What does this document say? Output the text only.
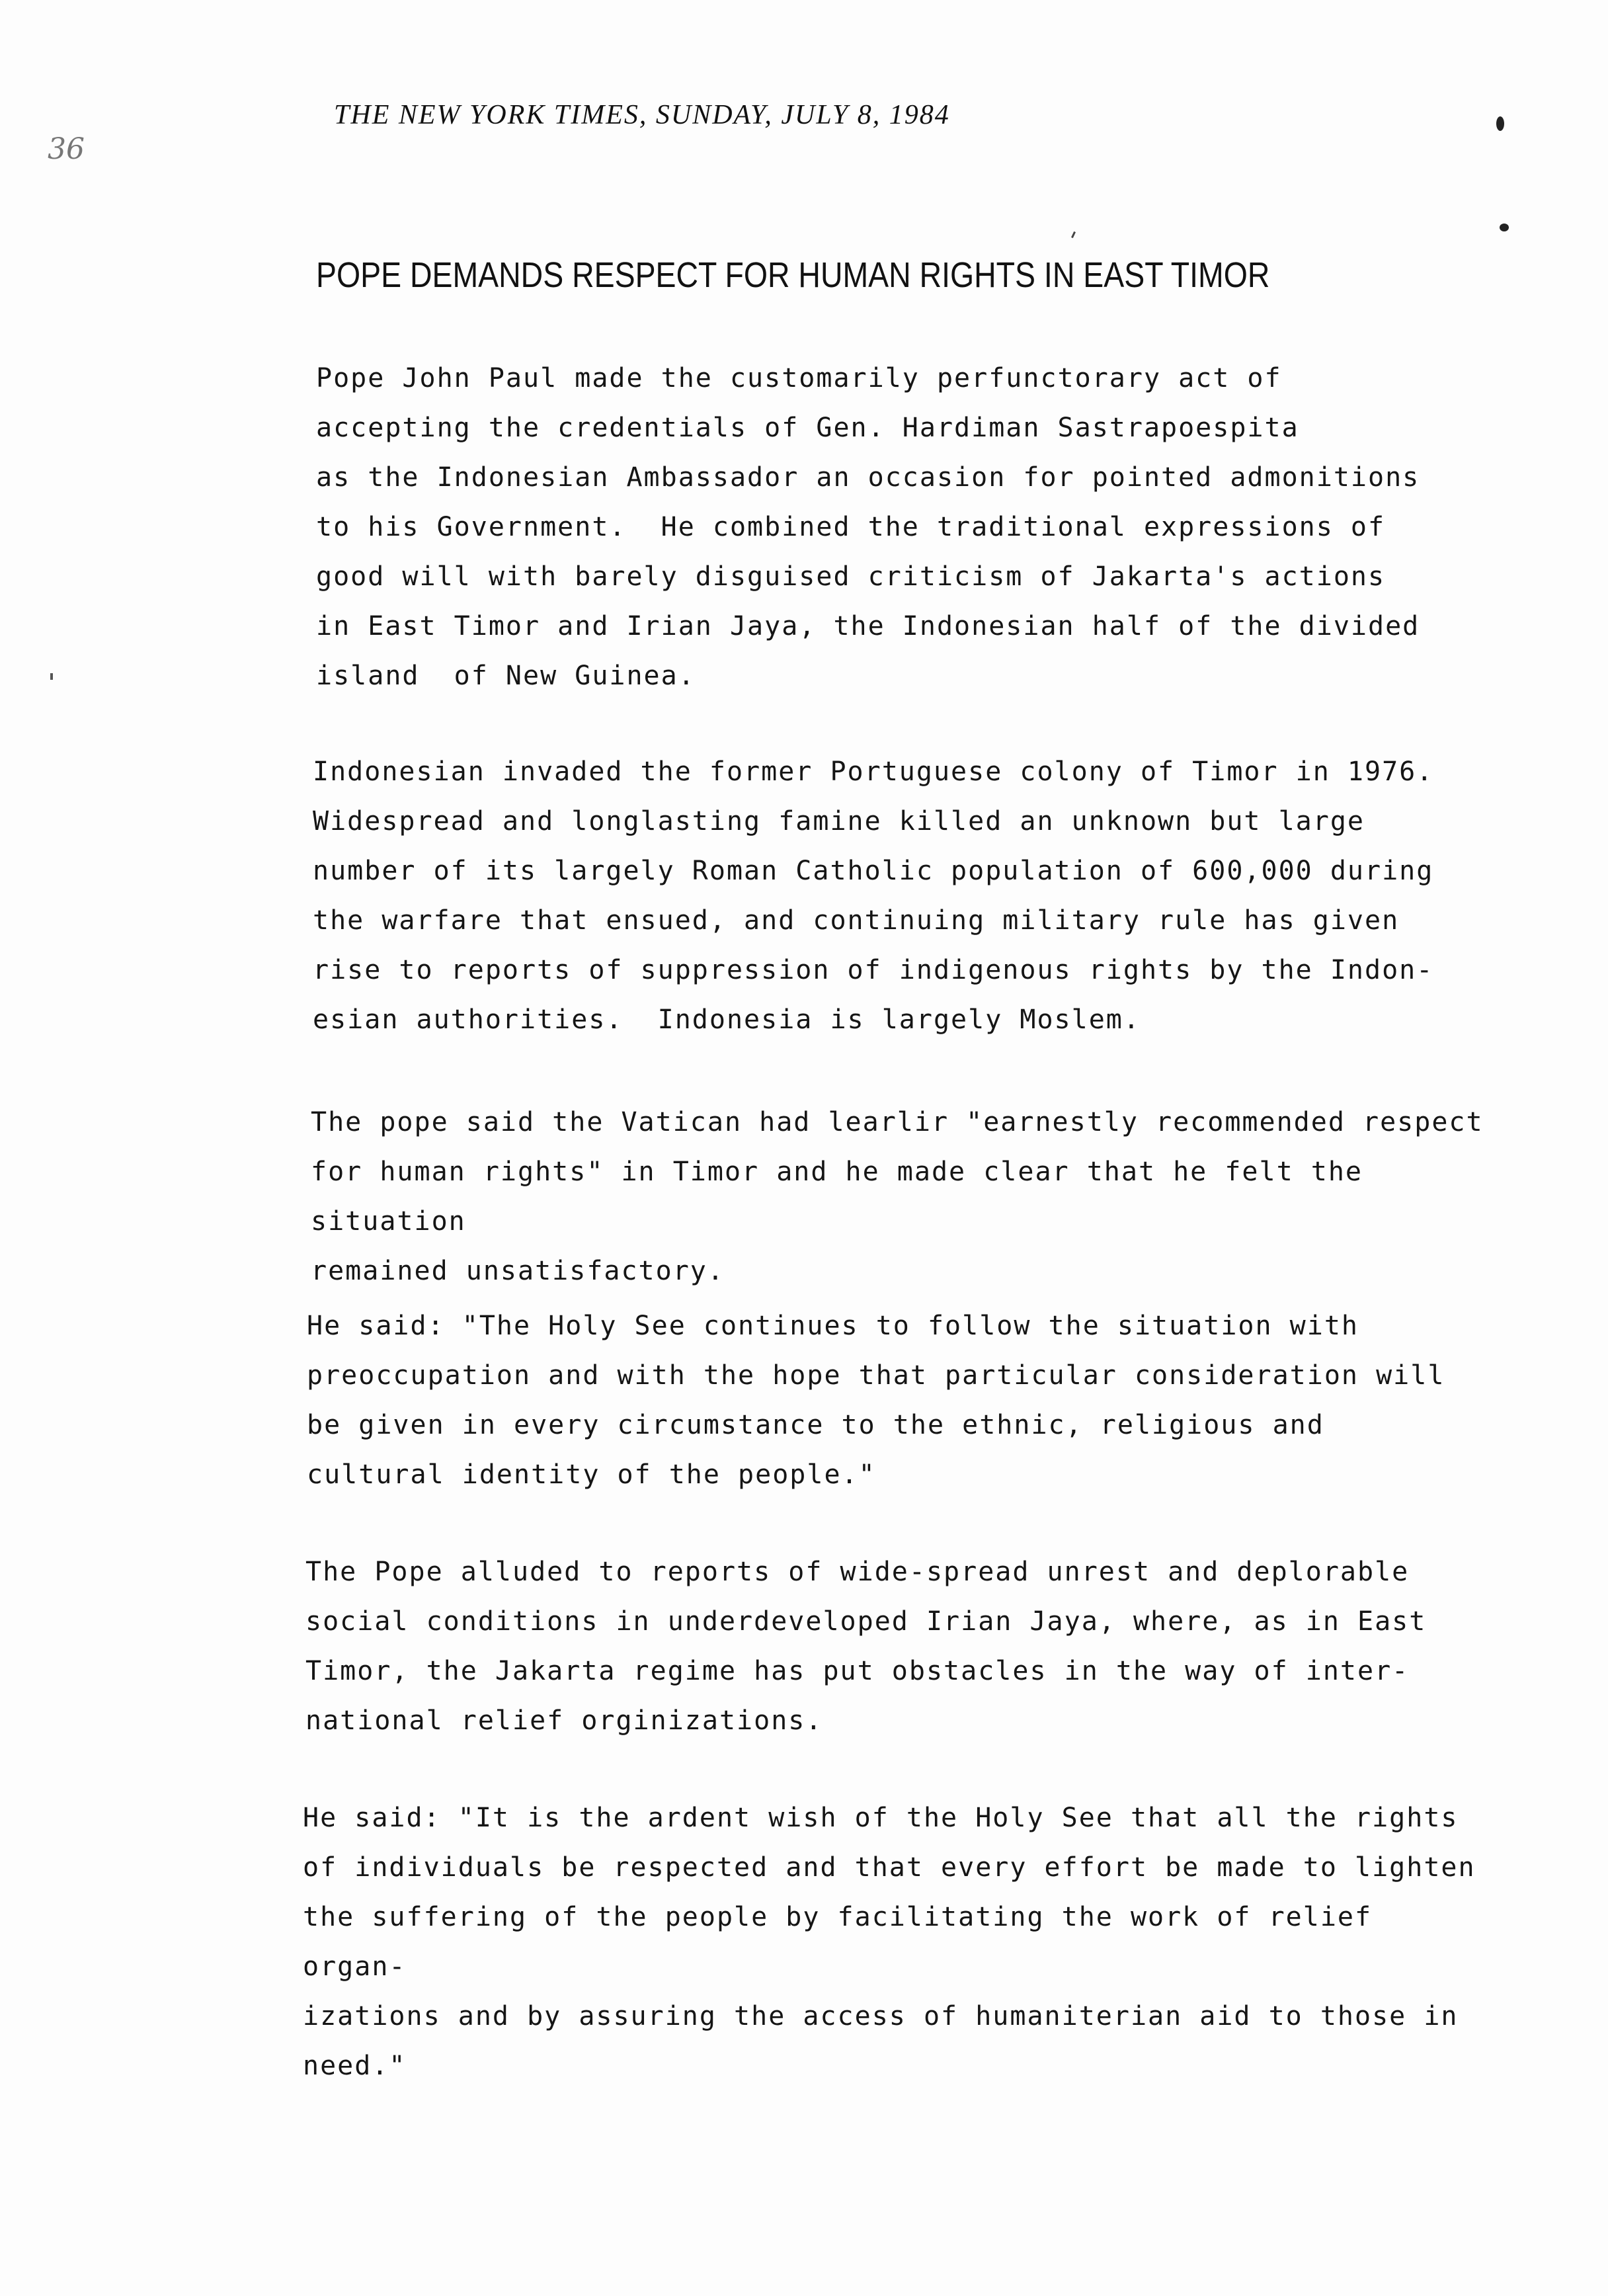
THE NEW YORK TIMES, SUNDAY, JULY 8, 1984
36
POPE DEMANDS RESPECT FOR HUMAN RIGHTS IN EAST TIMOR

Pope John Paul made the customarily perfunctorary act of
accepting the credentials of Gen. Hardiman Sastrapoespita
as the Indonesian Ambassador an occasion for pointed admonitions
to his Government.  He combined the traditional expressions of
good will with barely disguised criticism of Jakarta's actions
in East Timor and Irian Jaya, the Indonesian half of the divided
island  of New Guinea.

Indonesian invaded the former Portuguese colony of Timor in 1976.
Widespread and longlasting famine killed an unknown but large
number of its largely Roman Catholic population of 600,000 during
the warfare that ensued, and continuing military rule has given
rise to reports of suppression of indigenous rights by the Indon-
esian authorities.  Indonesia is largely Moslem.

The pope said the Vatican had learlir "earnestly recommended respect
for human rights" in Timor and he made clear that he felt the situation
remained unsatisfactory.

He said: "The Holy See continues to follow the situation with
preoccupation and with the hope that particular consideration will
be given in every circumstance to the ethnic, religious and
cultural identity of the people."

The Pope alluded to reports of wide-spread unrest and deplorable
social conditions in underdeveloped Irian Jaya, where, as in East
Timor, the Jakarta regime has put obstacles in the way of inter-
national relief orginizations.

He said: "It is the ardent wish of the Holy See that all the rights
of individuals be respected and that every effort be made to lighten
the suffering of the people by facilitating the work of relief organ-
izations and by assuring the access of humaniterian aid to those in
need."
